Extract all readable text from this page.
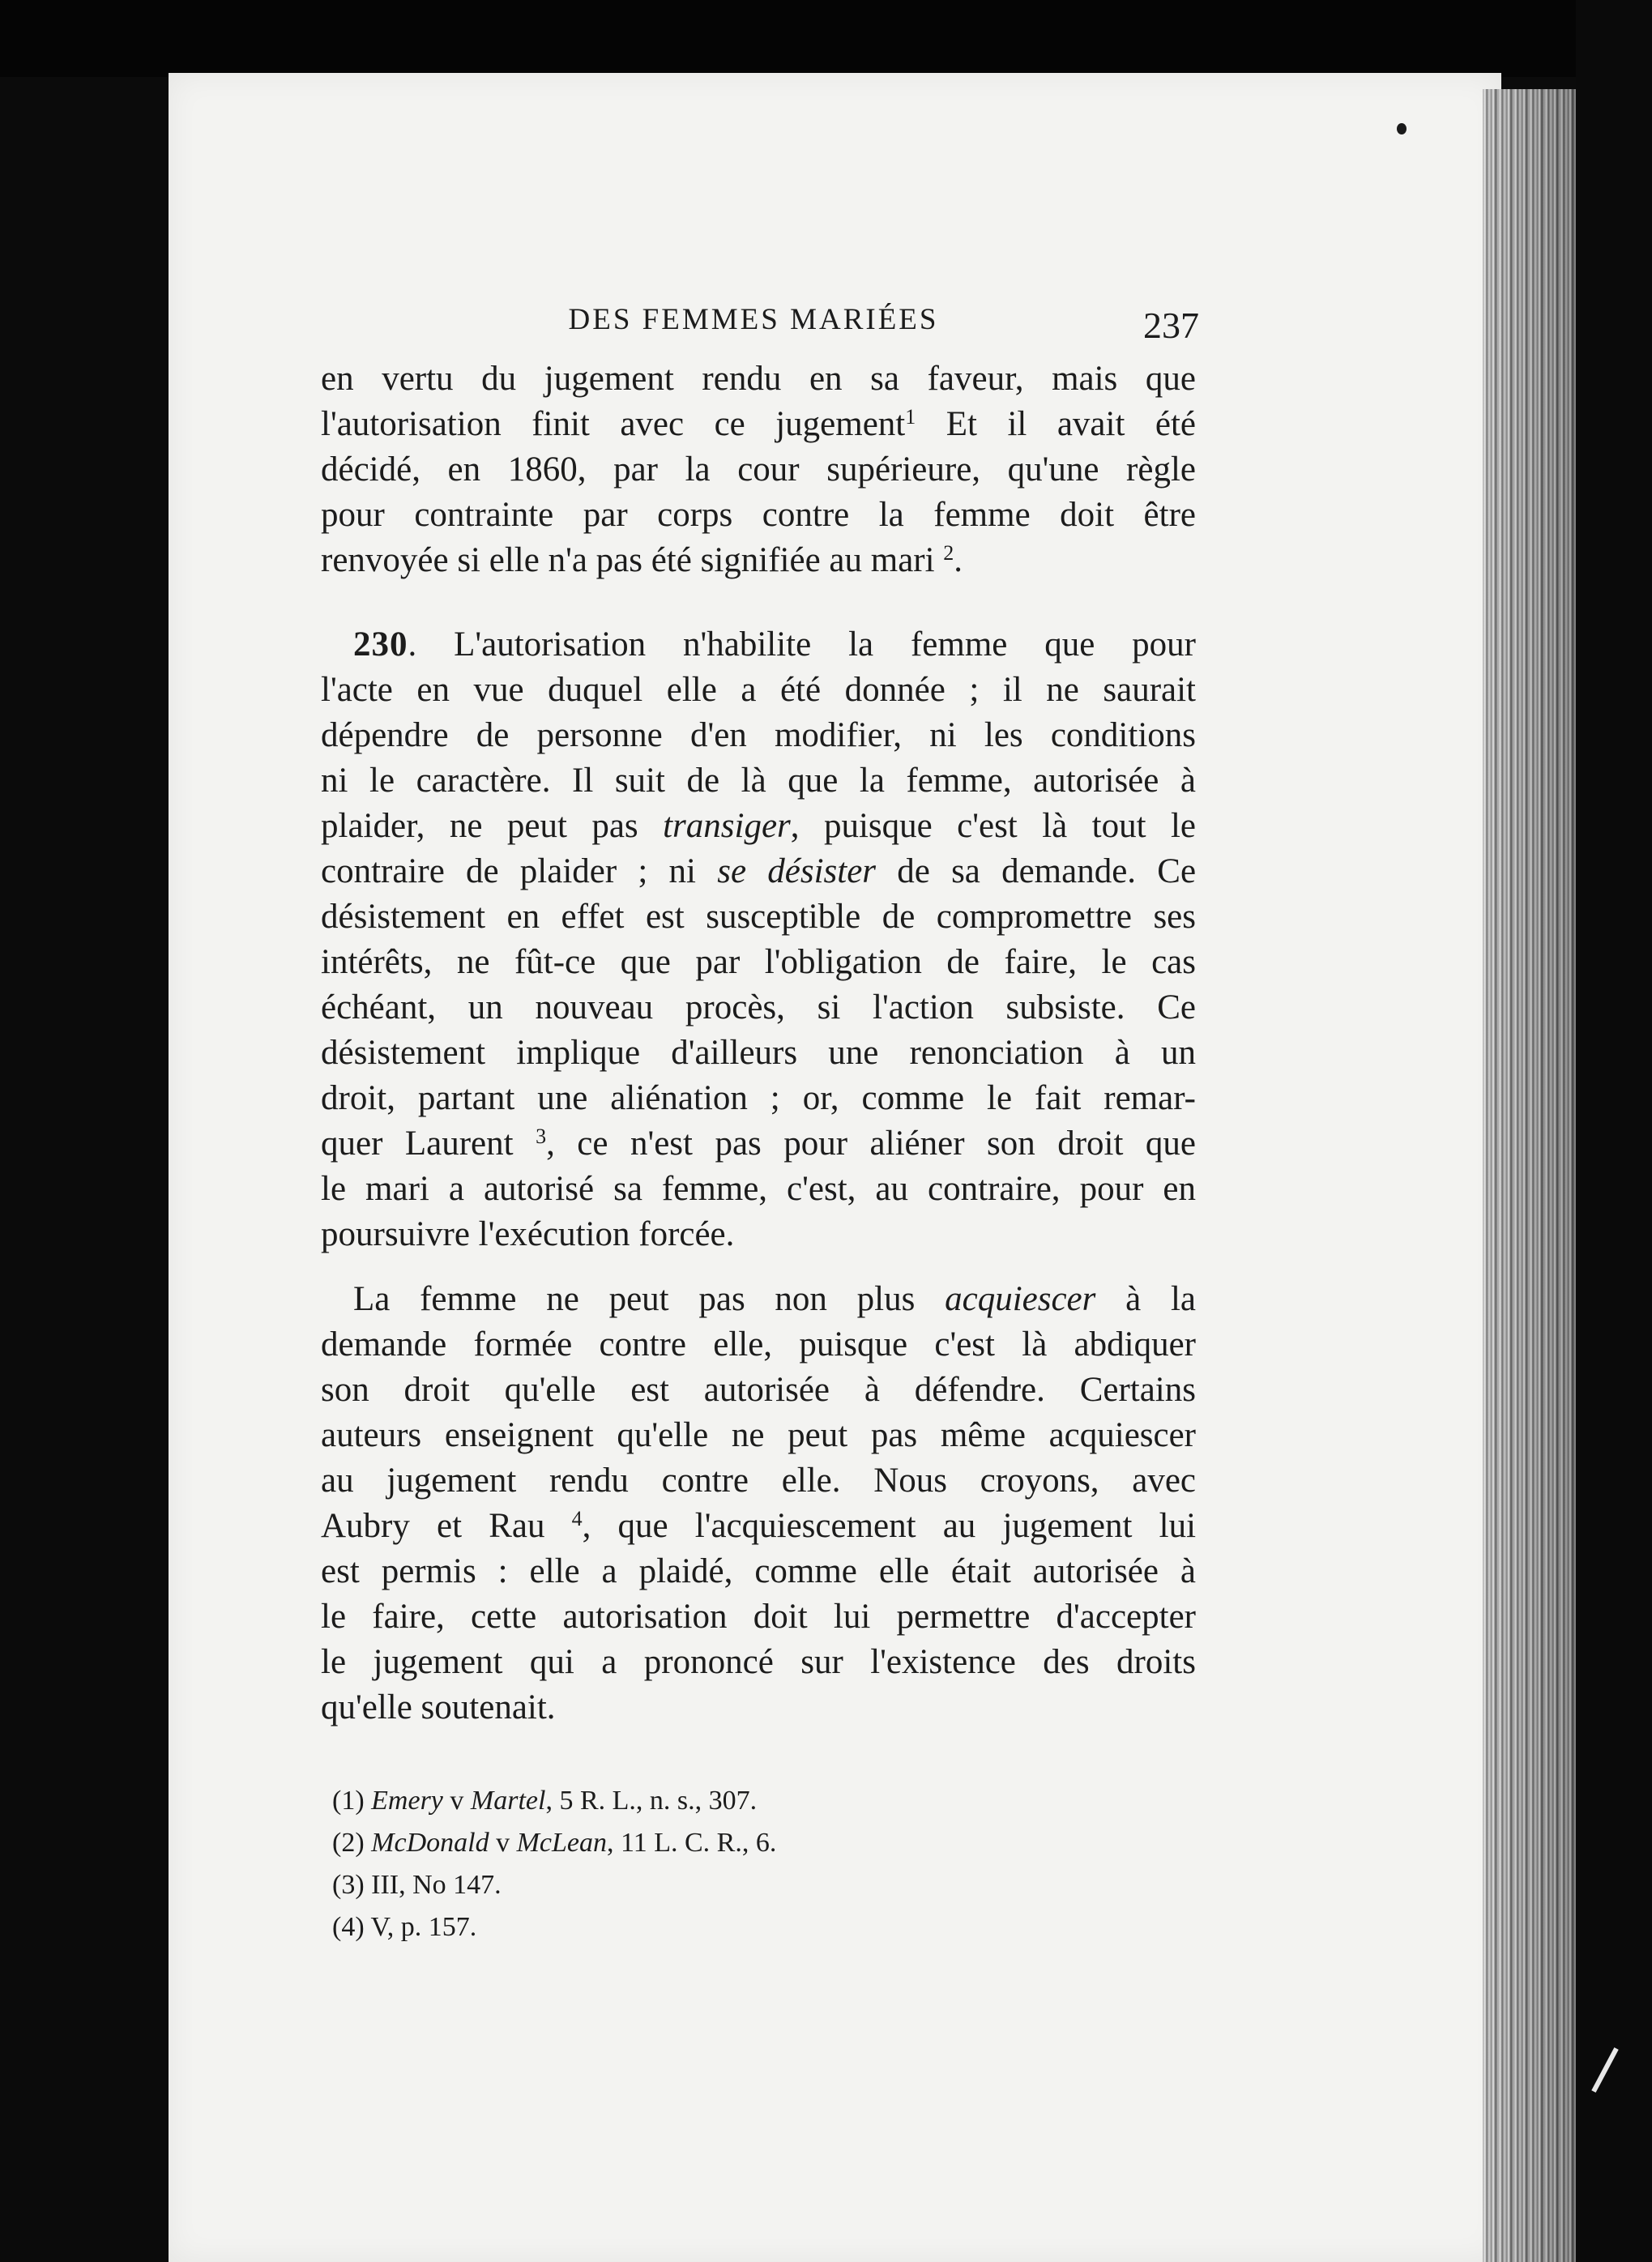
DES FEMMES MARIÉES	237
en vertu du jugement rendu en sa faveur, mais que
l'autorisation finit avec ce jugement$^1$ Et il avait été
décidé, en 1860, par la cour supérieure, qu'une règle
pour contrainte par corps contre la femme doit être
renvoyée si elle n'a pas été signifiée au mari $^2$.
230. L'autorisation n'habilite la femme que pour
l'acte en vue duquel elle a été donnée ; il ne saurait
dépendre de personne d'en modifier, ni les conditions
ni le caractère. Il suit de là que la femme, autorisée à
plaider, ne peut pas transiger, puisque c'est là tout le
contraire de plaider ; ni se désister de sa demande. Ce
désistement en effet est susceptible de compromettre ses
intérêts, ne fût-ce que par l'obligation de faire, le cas
échéant, un nouveau procès, si l'action subsiste. Ce
désistement implique d'ailleurs une renonciation à un
droit, partant une aliénation ; or, comme le fait remar-
quer Laurent $^3$, ce n'est pas pour aliéner son droit que
le mari a autorisé sa femme, c'est, au contraire, pour en
poursuivre l'exécution forcée.
La femme ne peut pas non plus acquiescer à la
demande formée contre elle, puisque c'est là abdiquer
son droit qu'elle est autorisée à défendre. Certains
auteurs enseignent qu'elle ne peut pas même acquiescer
au jugement rendu contre elle. Nous croyons, avec
Aubry et Rau $^4$, que l'acquiescement au jugement lui
est permis : elle a plaidé, comme elle était autorisée à
le faire, cette autorisation doit lui permettre d'accepter
le jugement qui a prononcé sur l'existence des droits
qu'elle soutenait.
(1) Emery v Martel, 5 R. L., n. s., 307.
(2) McDonald v McLean, 11 L. C. R., 6.
(3) III, No 147.
(4) V, p. 157.
